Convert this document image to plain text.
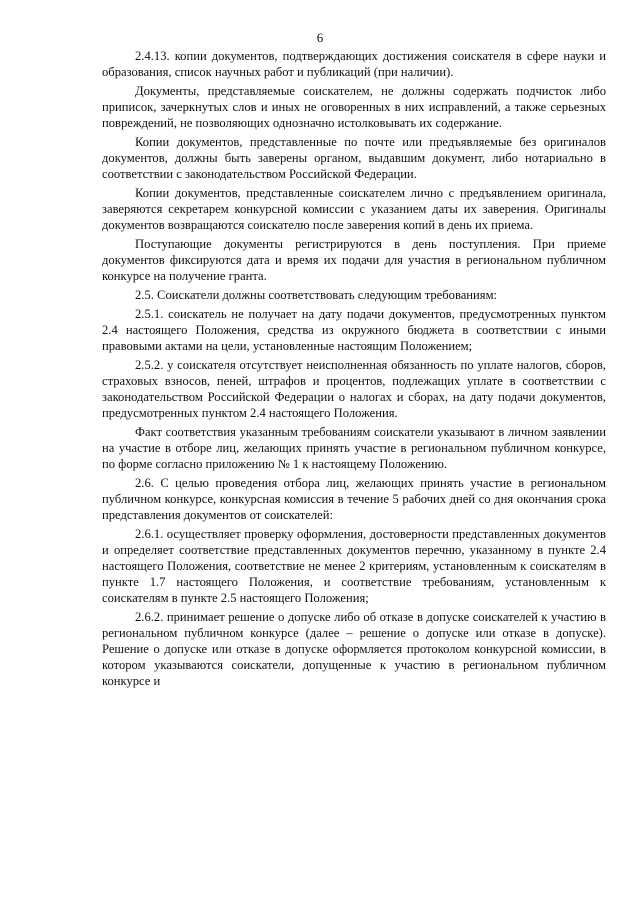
6

2.4.13. копии документов, подтверждающих достижения соискателя в сфере науки и образования, список научных работ и публикаций (при наличии).

Документы, представляемые соискателем, не должны содержать подчисток либо приписок, зачеркнутых слов и иных не оговоренных в них исправлений, а также серьезных повреждений, не позволяющих однозначно истолковывать их содержание.

Копии документов, представленные по почте или предъявляемые без оригиналов документов, должны быть заверены органом, выдавшим документ, либо нотариально в соответствии с законодательством Российской Федерации.

Копии документов, представленные соискателем лично с предъявлением оригинала, заверяются секретарем конкурсной комиссии с указанием даты их заверения. Оригиналы документов возвращаются соискателю после заверения копий в день их приема.

Поступающие документы регистрируются в день поступления. При приеме документов фиксируются дата и время их подачи для участия в региональном публичном конкурсе на получение гранта.

2.5. Соискатели должны соответствовать следующим требованиям:

2.5.1. соискатель не получает на дату подачи документов, предусмотренных пунктом 2.4 настоящего Положения, средства из окружного бюджета в соответствии с иными правовыми актами на цели, установленные настоящим Положением;

2.5.2. у соискателя отсутствует неисполненная обязанность по уплате налогов, сборов, страховых взносов, пеней, штрафов и процентов, подлежащих уплате в соответствии с законодательством Российской Федерации о налогах и сборах, на дату подачи документов, предусмотренных пунктом 2.4 настоящего Положения.

Факт соответствия указанным требованиям соискатели указывают в личном заявлении на участие в отборе лиц, желающих принять участие в региональном публичном конкурсе, по форме согласно приложению № 1 к настоящему Положению.

2.6. С целью проведения отбора лиц, желающих принять участие в региональном публичном конкурсе, конкурсная комиссия в течение 5 рабочих дней со дня окончания срока представления документов от соискателей:

2.6.1. осуществляет проверку оформления, достоверности представленных документов и определяет соответствие представленных документов перечню, указанному в пункте 2.4 настоящего Положения, соответствие не менее 2 критериям, установленным к соискателям в пункте 1.7 настоящего Положения, и соответствие требованиям, установленным к соискателям в пункте 2.5 настоящего Положения;

2.6.2. принимает решение о допуске либо об отказе в допуске соискателей к участию в региональном публичном конкурсе (далее – решение о допуске или отказе в допуске). Решение о допуске или отказе в допуске оформляется протоколом конкурсной комиссии, в котором указываются соискатели, допущенные к участию в региональном публичном конкурсе и
